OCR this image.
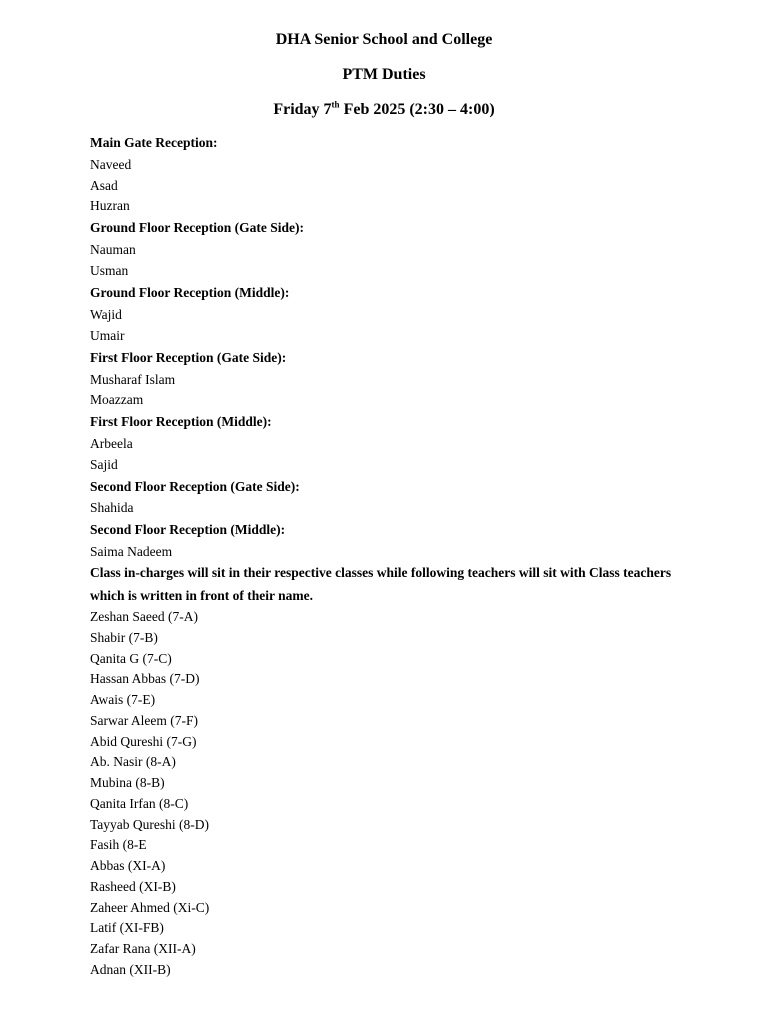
DHA Senior School and College
PTM Duties
Friday 7th Feb 2025 (2:30 – 4:00)
Main Gate Reception:
Naveed
Asad
Huzran
Ground Floor Reception (Gate Side):
Nauman
Usman
Ground Floor Reception (Middle):
Wajid
Umair
First Floor Reception (Gate Side):
Musharaf Islam
Moazzam
First Floor Reception (Middle):
Arbeela
Sajid
Second Floor Reception (Gate Side):
Shahida
Second Floor Reception (Middle):
Saima Nadeem
Class in-charges will sit in their respective classes while following teachers will sit with Class teachers which is written in front of their name.
Zeshan Saeed (7-A)
Shabir (7-B)
Qanita G (7-C)
Hassan Abbas (7-D)
Awais (7-E)
Sarwar Aleem (7-F)
Abid Qureshi (7-G)
Ab. Nasir (8-A)
Mubina (8-B)
Qanita Irfan (8-C)
Tayyab Qureshi (8-D)
Fasih (8-E
Abbas (XI-A)
Rasheed (XI-B)
Zaheer Ahmed (Xi-C)
Latif (XI-FB)
Zafar Rana (XII-A)
Adnan (XII-B)
